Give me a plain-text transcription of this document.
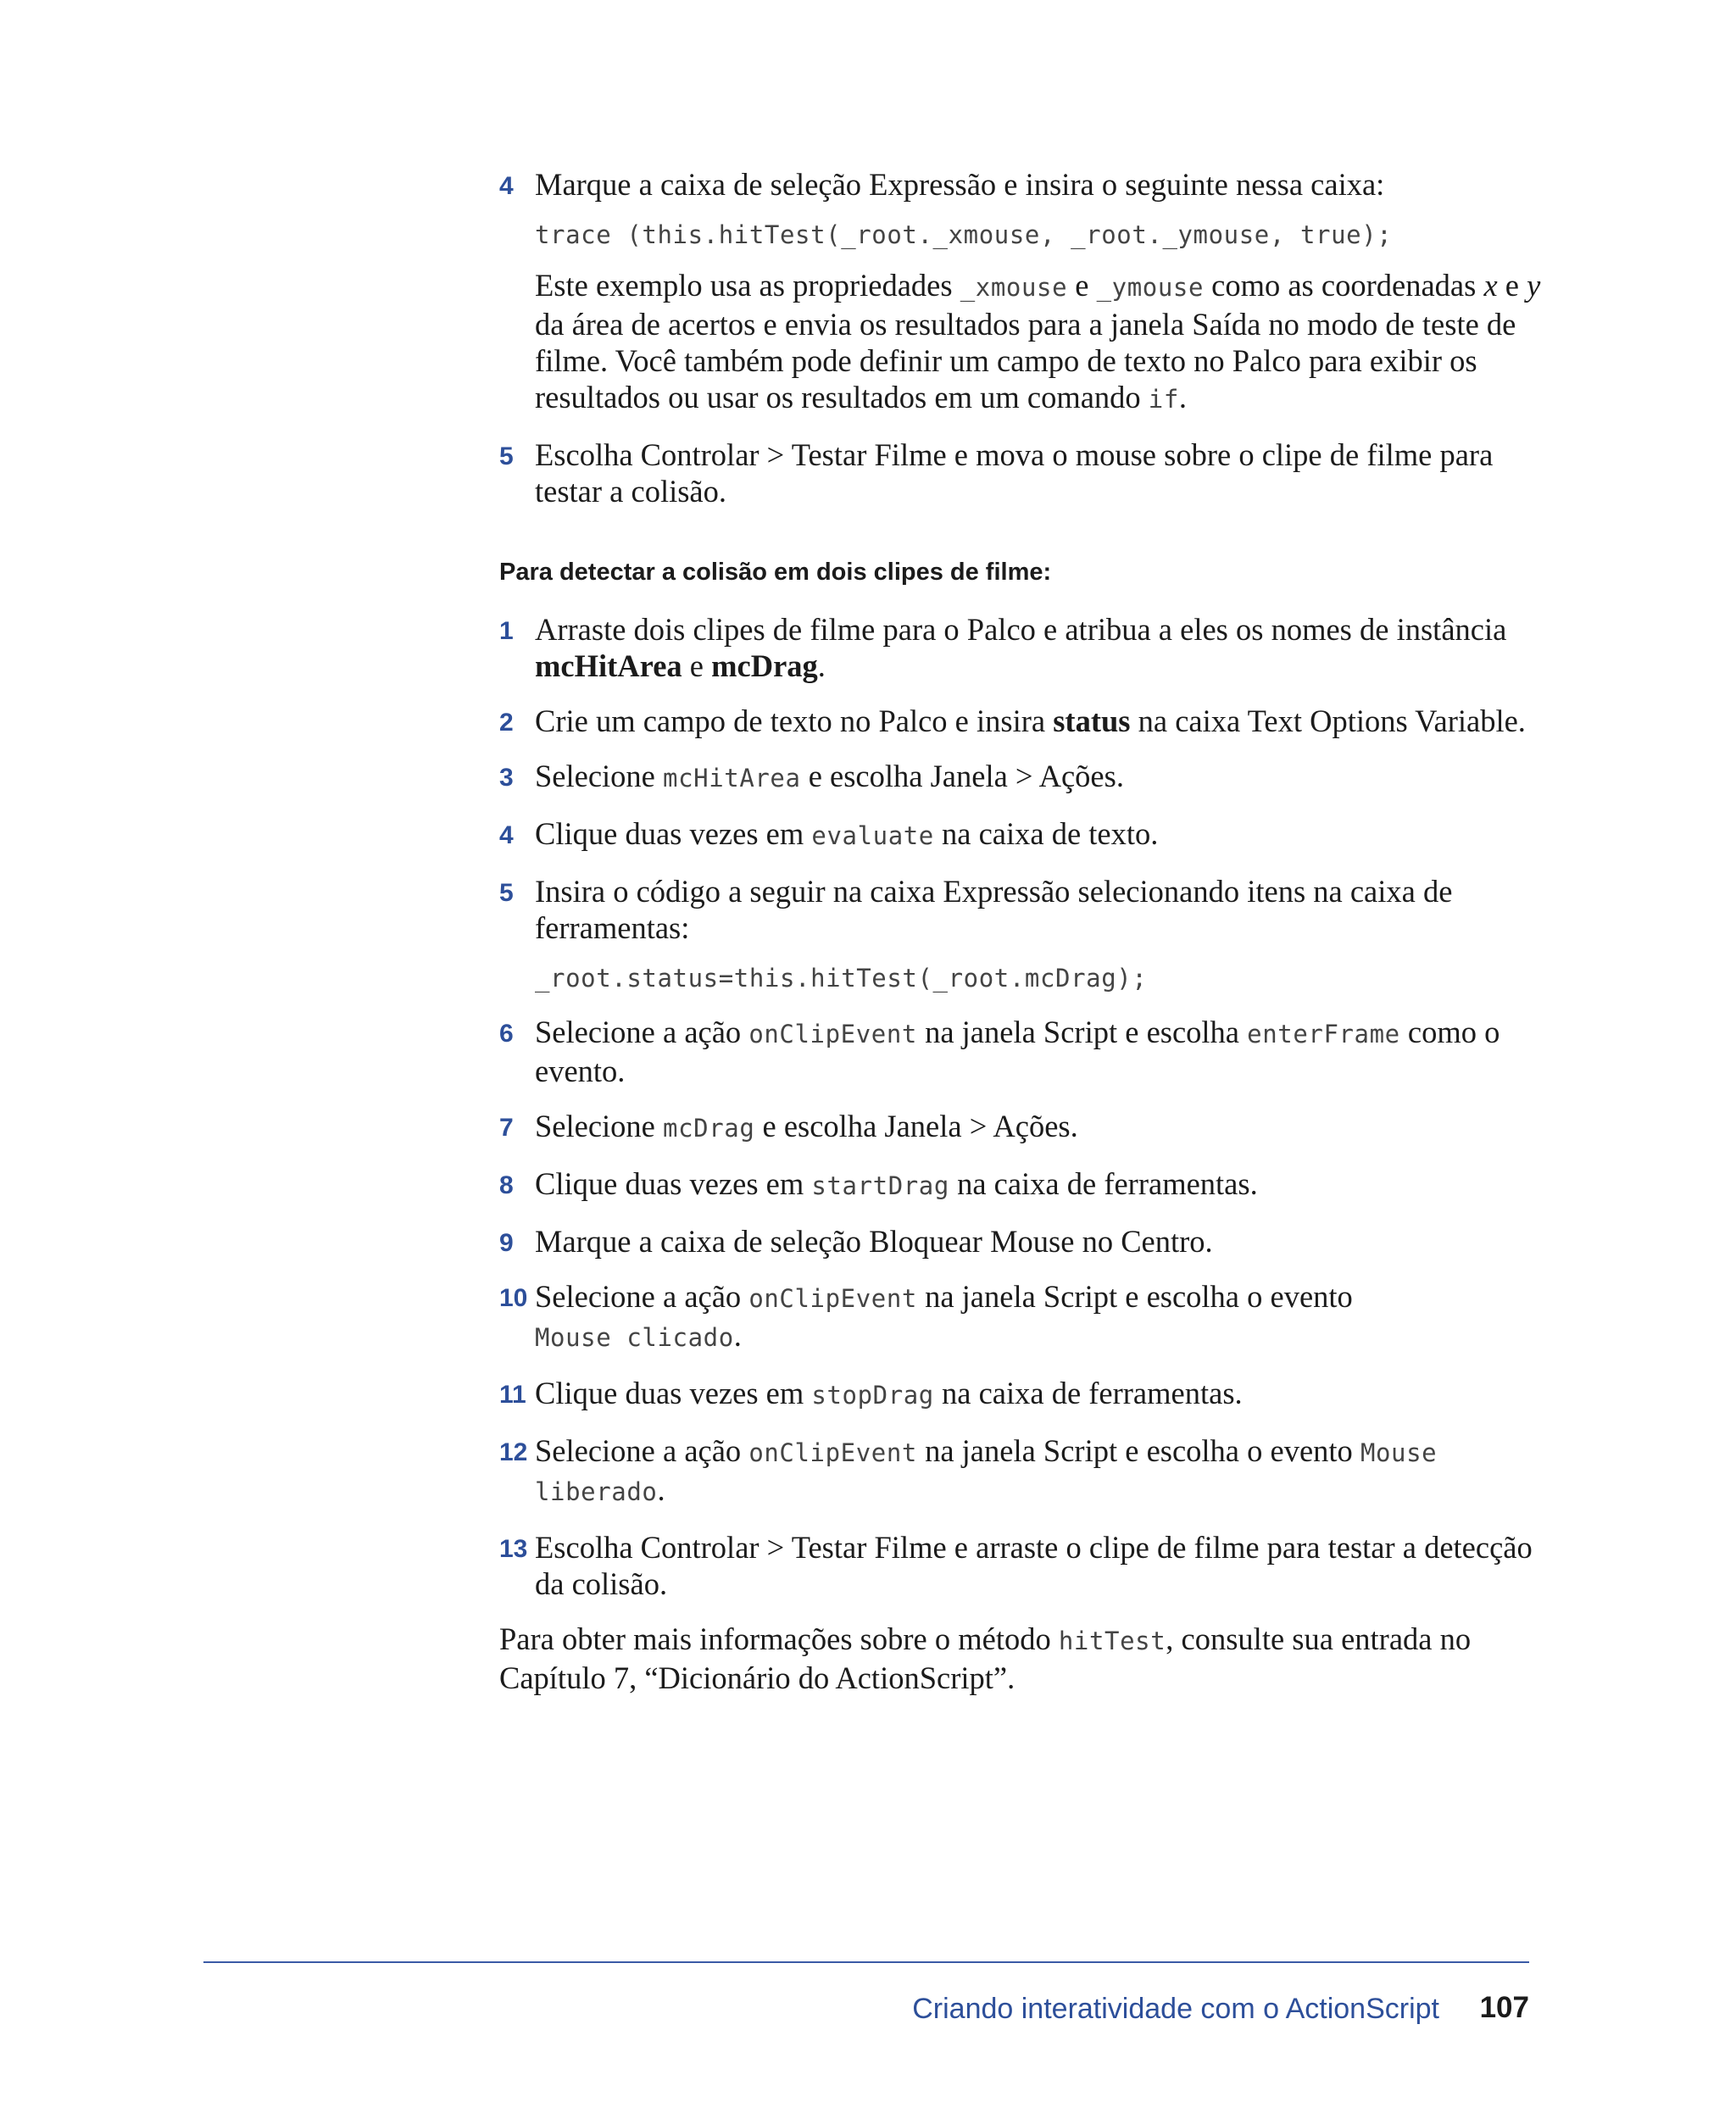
4 Marque a caixa de seleção Expressão e insira o seguinte nessa caixa:
trace (this.hitTest(_root._xmouse, _root._ymouse, true);
Este exemplo usa as propriedades _xmouse e _ymouse como as coordenadas x e y da área de acertos e envia os resultados para a janela Saída no modo de teste de filme. Você também pode definir um campo de texto no Palco para exibir os resultados ou usar os resultados em um comando if.
5 Escolha Controlar > Testar Filme e mova o mouse sobre o clipe de filme para testar a colisão.
Para detectar a colisão em dois clipes de filme:
1 Arraste dois clipes de filme para o Palco e atribua a eles os nomes de instância mcHitArea e mcDrag.
2 Crie um campo de texto no Palco e insira status na caixa Text Options Variable.
3 Selecione mcHitArea e escolha Janela > Ações.
4 Clique duas vezes em evaluate na caixa de texto.
5 Insira o código a seguir na caixa Expressão selecionando itens na caixa de ferramentas:
_root.status=this.hitTest(_root.mcDrag);
6 Selecione a ação onClipEvent na janela Script e escolha enterFrame como o evento.
7 Selecione mcDrag e escolha Janela > Ações.
8 Clique duas vezes em startDrag na caixa de ferramentas.
9 Marque a caixa de seleção Bloquear Mouse no Centro.
10 Selecione a ação onClipEvent na janela Script e escolha o evento
Mouse clicado.
11 Clique duas vezes em stopDrag na caixa de ferramentas.
12 Selecione a ação onClipEvent na janela Script e escolha o evento Mouse liberado.
13 Escolha Controlar > Testar Filme e arraste o clipe de filme para testar a detecção da colisão.
Para obter mais informações sobre o método hitTest, consulte sua entrada no Capítulo 7, “Dicionário do ActionScript”.
Criando interatividade com o ActionScript 107
